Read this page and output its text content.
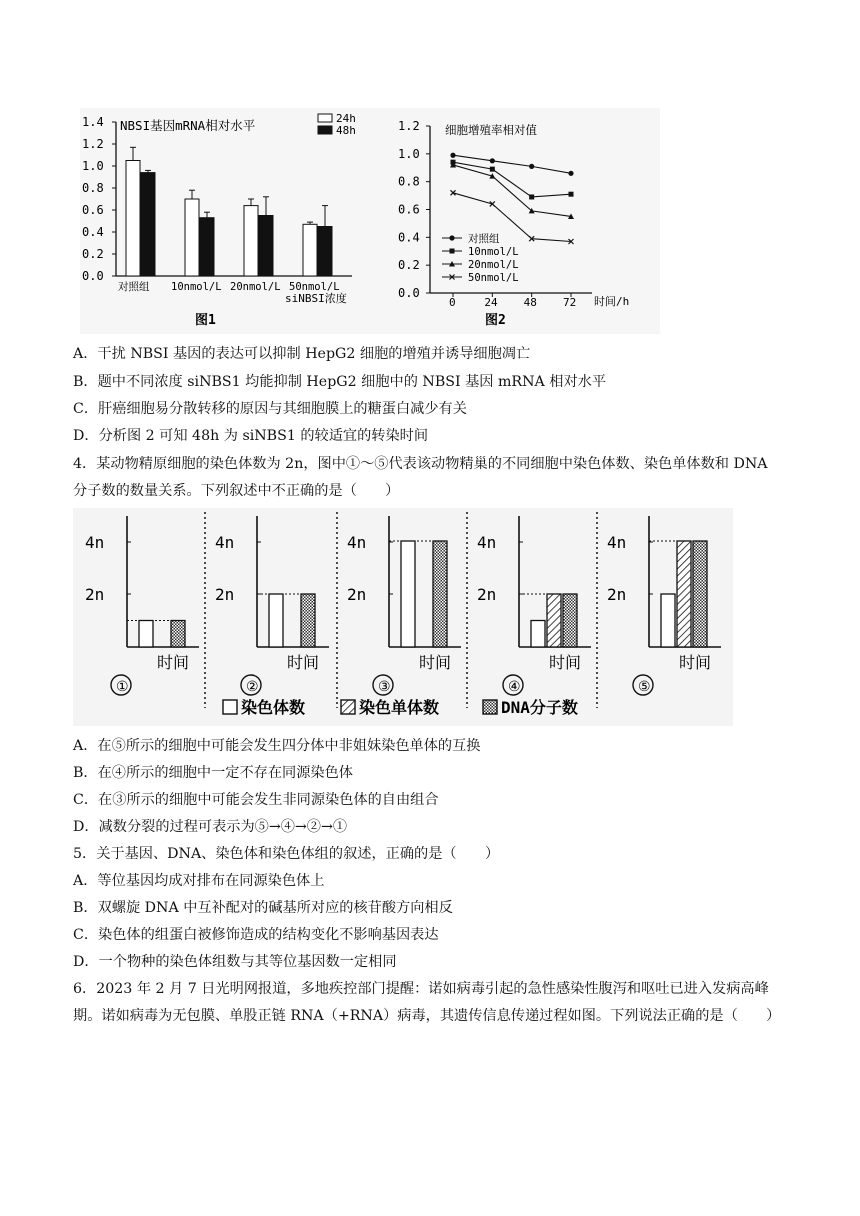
NBSI基因mRNA相对水平	24h
48h
1.4
1.2
1.0
0.8
0.6
0.4
0.2
0.0
对照组 10nmol/L 20nmol/L 50nmol/L
siNBSI浓度
图1
细胞增殖率相对值
1.2
1.0
0.8
0.6
0.4
0.2
0.0
0	24 48 72
对照组
10nmol/L
20nmol/L
50nmol/L
时间/h
图2
A．干扰 NBSI 基因的表达可以抑制 HepG2 细胞的增殖并诱导细胞凋亡
B．题中不同浓度 siNBS1 均能抑制 HepG2 细胞中的 NBSI 基因 mRNA 相对水平
C．肝癌细胞易分散转移的原因与其细胞膜上的糖蛋白减少有关
D．分析图 2 可知 48h 为 siNBS1 的较适宜的转染时间
4．某动物精原细胞的染色体数为 2n，图中①～⑤代表该动物精巢的不同细胞中染色体数、染色单体数和 DNA
分子数的数量关系。下列叙述中不正确的是（　　）
4n
2n
时间
①
4n
2n
时间
②
4n
2n
时间
③
4n
2n
时间
④
4n
2n
时间
⑤
染色体数	染色单体数	DNA分子数
A．在⑤所示的细胞中可能会发生四分体中非姐妹染色单体的互换
B．在④所示的细胞中一定不存在同源染色体
C．在③所示的细胞中可能会发生非同源染色体的自由组合
D．减数分裂的过程可表示为⑤→④→②→①
5．关于基因、DNA、染色体和染色体组的叙述，正确的是（　　）
A．等位基因均成对排布在同源染色体上
B．双螺旋 DNA 中互补配对的碱基所对应的核苷酸方向相反
C．染色体的组蛋白被修饰造成的结构变化不影响基因表达
D．一个物种的染色体组数与其等位基因数一定相同
6．2023 年 2 月 7 日光明网报道，多地疾控部门提醒：诺如病毒引起的急性感染性腹泻和呕吐已进入发病高峰
期。诺如病毒为无包膜、单股正链 RNA（+RNA）病毒，其遗传信息传递过程如图。下列说法正确的是（　　）
